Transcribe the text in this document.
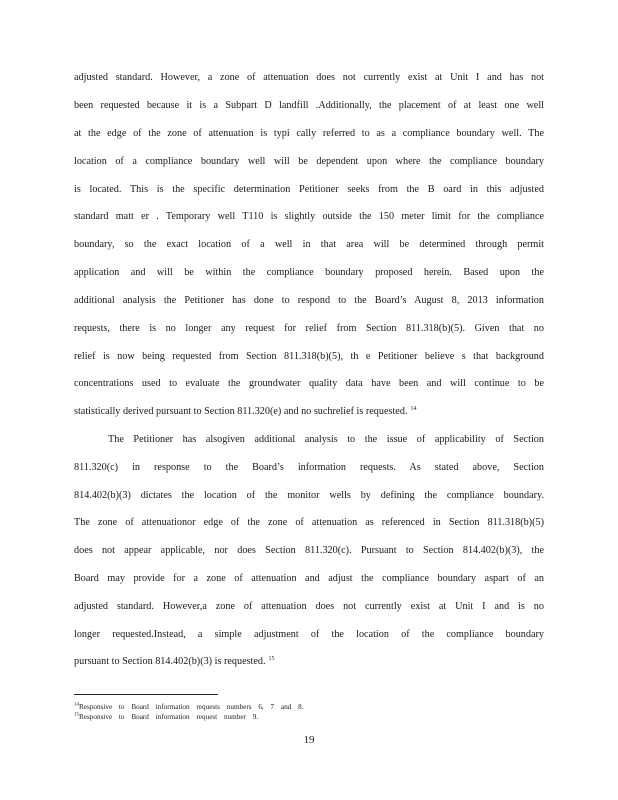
adjusted standard. However, a zone of attenuation does not currently exist at Unit I and has not
been requested because it is a Subpart D landfill .Additionally, the placement of at least one well
at the edge of the zone of attenuation is typi cally referred to as a compliance boundary well. The
location of a compliance boundary well will be dependent upon where the compliance boundary
is located. This is the specific determination Petitioner seeks from the B oard in this adjusted
standard matt er . Temporary well T110 is slightly outside the 150 meter limit for the compliance
boundary, so the exact location of a well in that area will be determined through permit
application and will be within the compliance boundary proposed herein. Based upon the
additional analysis the Petitioner has done to respond to the Board’s August 8, 2013 information
requests, there is no longer any request for relief from Section 811.318(b)(5). Given that no
relief is now being requested from Section 811.318(b)(5), th e Petitioner believe s that background
concentrations used to evaluate the groundwater quality data have been and will continue to be
statistically derived pursuant to Section 811.320(e) and no suchrelief is requested. $^{14}$
The Petitioner has alsogiven additional analysis to the issue of applicability of Section
811.320(c) in response to the Board’s information requests. As stated above, Section
814.402(b)(3) dictates the location of the monitor wells by defining the compliance boundary.
The zone of attenuationor edge of the zone of attenuation as referenced in Section 811.318(b)(5)
does not appear applicable, nor does Section 811.320(c). Pursuant to Section 814.402(b)(3), the
Board may provide for a zone of attenuation and adjust the compliance boundary aspart of an
adjusted standard. However,a zone of attenuation does not currently exist at Unit I and is no
longer requested.Instead, a simple adjustment of the location of the compliance boundary
pursuant to Section 814.402(b)(3) is requested. $^{15}$
$^{14}$Responsive to Board information requests numbers 6, 7 and 8.
$^{15}$Responsive to Board information request number 9.
19
